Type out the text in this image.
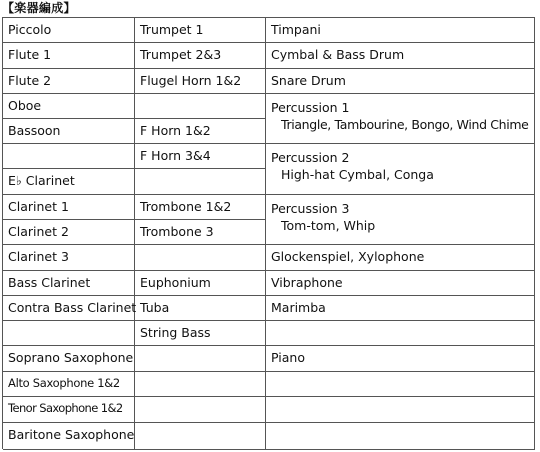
【楽器編成】
Piccolo
Flute 1
Flute 2
Oboe
Bassoon
E♭ Clarinet
Clarinet 1
Clarinet 2
Clarinet 3
Bass Clarinet
Contra Bass Clarinet
Soprano Saxophone
Alto Saxophone 1&2
Tenor Saxophone 1&2
Baritone Saxophone
Trumpet 1
Trumpet 2&3
Flugel Horn 1&2
F Horn 1&2
F Horn 3&4
Trombone 1&2
Trombone 3
Euphonium
Tuba
String Bass
Timpani
Cymbal & Bass Drum
Snare Drum
Percussion 1
Triangle, Tambourine, Bongo, Wind Chime
Percussion 2
High-hat Cymbal, Conga
Percussion 3
Tom-tom, Whip
Glockenspiel, Xylophone
Vibraphone
Marimba
Piano
